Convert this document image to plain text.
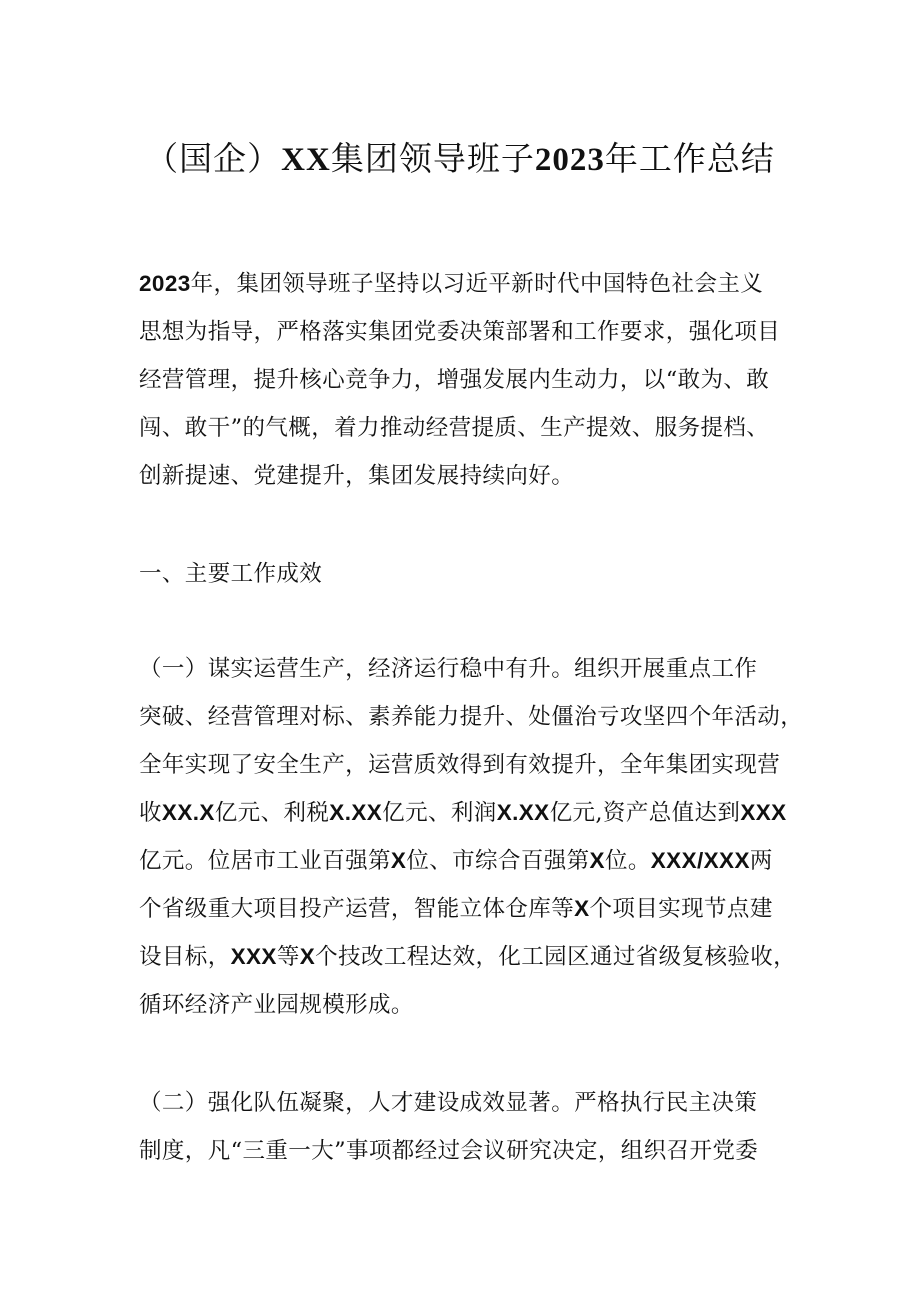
（国企）XX集团领导班子2023年工作总结

2023年，集团领导班子坚持以习近平新时代中国特色社会主义
思想为指导，严格落实集团党委决策部署和工作要求，强化项目
经营管理，提升核心竞争力，增强发展内生动力，以“敢为、敢
闯、敢干”的气概，着力推动经营提质、生产提效、服务提档、
创新提速、党建提升，集团发展持续向好。

一、主要工作成效

（一）谋实运营生产，经济运行稳中有升。组织开展重点工作
突破、经营管理对标、素养能力提升、处僵治亏攻坚四个年活动，
全年实现了安全生产，运营质效得到有效提升，全年集团实现营
收XX.X亿元、利税X.XX亿元、利润X.XX亿元,资产总值达到XXX
亿元。位居市工业百强第X位、市综合百强第X位。XXX/XXX两
个省级重大项目投产运营，智能立体仓库等X个项目实现节点建
设目标，XXX等X个技改工程达效，化工园区通过省级复核验收，
循环经济产业园规模形成。

（二）强化队伍凝聚，人才建设成效显著。严格执行民主决策
制度，凡“三重一大”事项都经过会议研究决定，组织召开党委
